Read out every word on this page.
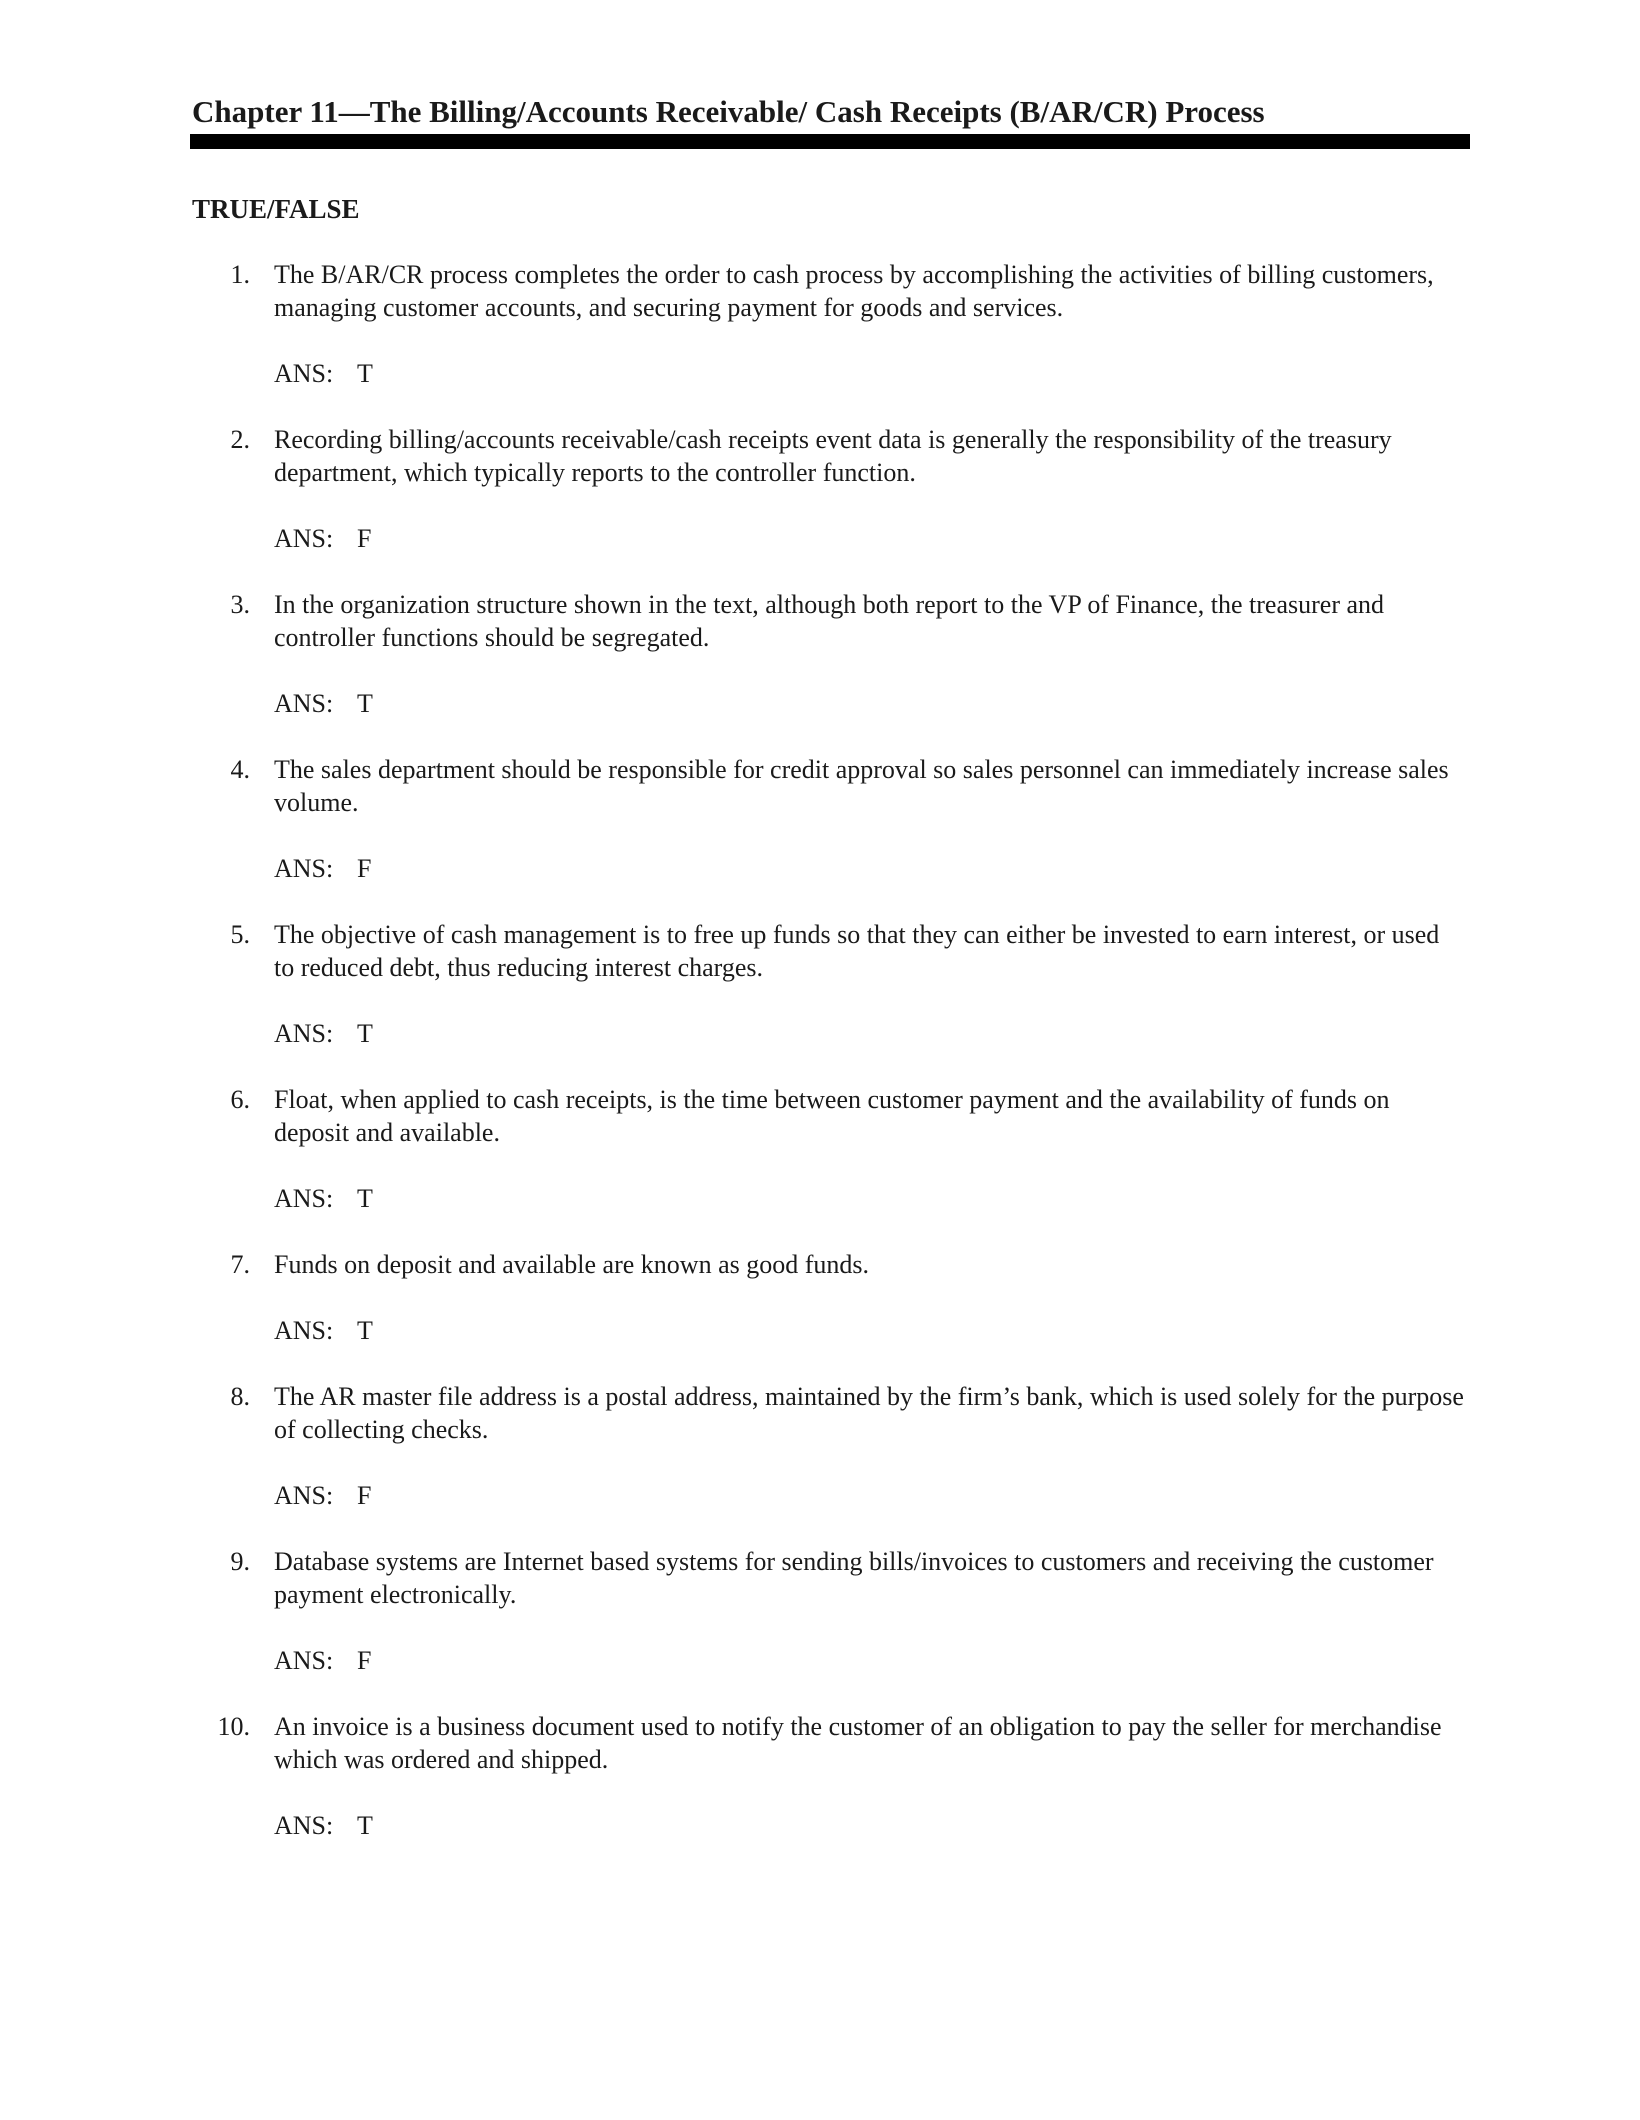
Chapter 11—The Billing/Accounts Receivable/ Cash Receipts (B/AR/CR) Process
TRUE/FALSE
1. The B/AR/CR process completes the order to cash process by accomplishing the activities of billing customers, managing customer accounts, and securing payment for goods and services.

ANS: T

2. Recording billing/accounts receivable/cash receipts event data is generally the responsibility of the treasury department, which typically reports to the controller function.

ANS: F

3. In the organization structure shown in the text, although both report to the VP of Finance, the treasurer and controller functions should be segregated.

ANS: T

4. The sales department should be responsible for credit approval so sales personnel can immediately increase sales volume.

ANS: F

5. The objective of cash management is to free up funds so that they can either be invested to earn interest, or used to reduced debt, thus reducing interest charges.

ANS: T

6. Float, when applied to cash receipts, is the time between customer payment and the availability of funds on deposit and available.

ANS: T

7. Funds on deposit and available are known as good funds.

ANS: T

8. The AR master file address is a postal address, maintained by the firm’s bank, which is used solely for the purpose of collecting checks.

ANS: F

9. Database systems are Internet based systems for sending bills/invoices to customers and receiving the customer payment electronically.

ANS: F

10. An invoice is a business document used to notify the customer of an obligation to pay the seller for merchandise which was ordered and shipped.

ANS: T
